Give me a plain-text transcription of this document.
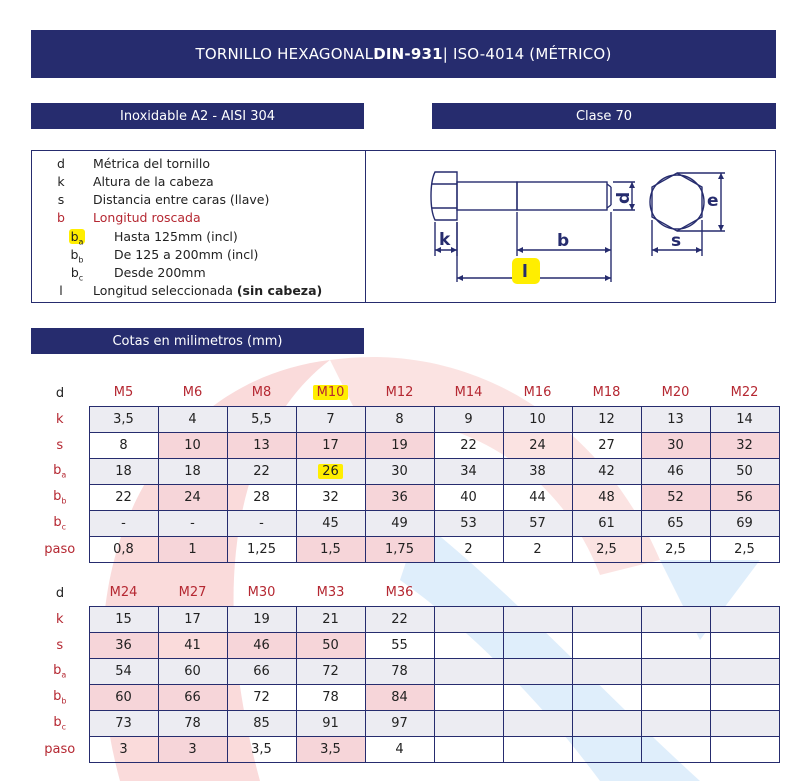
TORNILLO HEXAGONAL DIN-931 | ISO-4014 (MÉTRICO)
Inoxidable A2 - AISI 304	Clase 70
d	Métrica del tornillo
k	Altura de la cabeza
s	Distancia entre caras (llave)
b	Longitud roscada
$b_a$	Hasta 125mm (incl)
$b_b$	De 125 a 200mm (incl)
$b_c$	Desde 200mm
l	Longitud seleccionada (sin cabeza)
k	b
l
d
s
e
Cotas en milimetros (mm)
d	M5	M6	M8	M10	M12	M14	M16	M18	M20	M22
k	3,5	4	5,5	7	8	9	10	12	13	14
s	8	10	13	17	19	22	24	27	30	32
$b_a$	18	18	22	26	30	34	38	42	46	50
$b_b$	22	24	28	32	36	40	44	48	52	56
$b_c$	-	-	-	45	49	53	57	61	65	69
paso	0,8	1	1,25	1,5	1,75	2	2	2,5	2,5	2,5
d	M24	M27	M30	M33	M36					
k	15	17	19	21	22					
s	36	41	46	50	55					
$b_a$	54	60	66	72	78					
$b_b$	60	66	72	78	84					
$b_c$	73	78	85	91	97					
paso	3	3	3,5	3,5	4					
